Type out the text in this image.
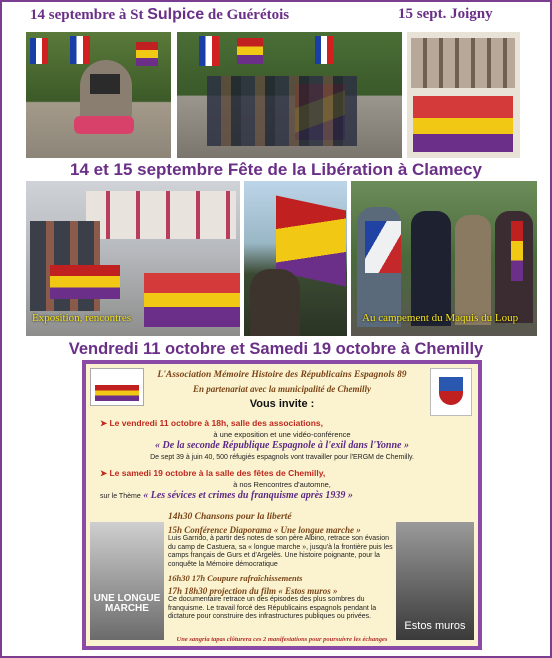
14 septembre à St Sulpice de Guérétois	15 sept. Joigny
14 et 15 septembre Fête de la Libération à Clamecy
Exposition, rencontres	Au campement du Maquis du Loup
Vendredi 11 octobre et Samedi 19 octobre à Chemilly
L'Association Mémoire Histoire des Républicains Espagnols 89
En partenariat avec la municipalité de Chemilly
Vous invite :
➤ Le vendredi 11 octobre à 18h, salle des associations,
à une exposition et une vidéo-conférence
« De la seconde République Espagnole à l'exil dans l'Yonne »
De sept 39 à juin 40, 500 réfugiés espagnols vont travailler pour l'ERGM de Chemilly.
➤ Le samedi 19 octobre à la salle des fêtes de Chemilly,
à nos Rencontres d'automne,
sur le Thème « Les sévices et crimes du franquisme après 1939 »
UNE LONGUE MARCHE
Estos muros
14h30 Chansons pour la liberté
15h Conférence Diaporama « Une longue marche »
Luis Garrido, à partir des notes de son père Albino, retrace son évasion du camp de Castuera, sa « longue marche », jusqu'à la frontière puis les camps français de Gurs et d'Argelès. Une histoire poignante, pour la conquête la Mémoire démocratique
16h30 17h Coupure rafraîchissements
17h 18h30 projection du film « Estos muros »
Ce documentaire retrace un des épisodes des plus sombres du franquisme. Le travail forcé des Républicains espagnols pendant la dictature pour construire des infrastructures publiques ou privées.
Une sangria tapas clôturera ces 2 manifestations pour poursuivre les échanges
